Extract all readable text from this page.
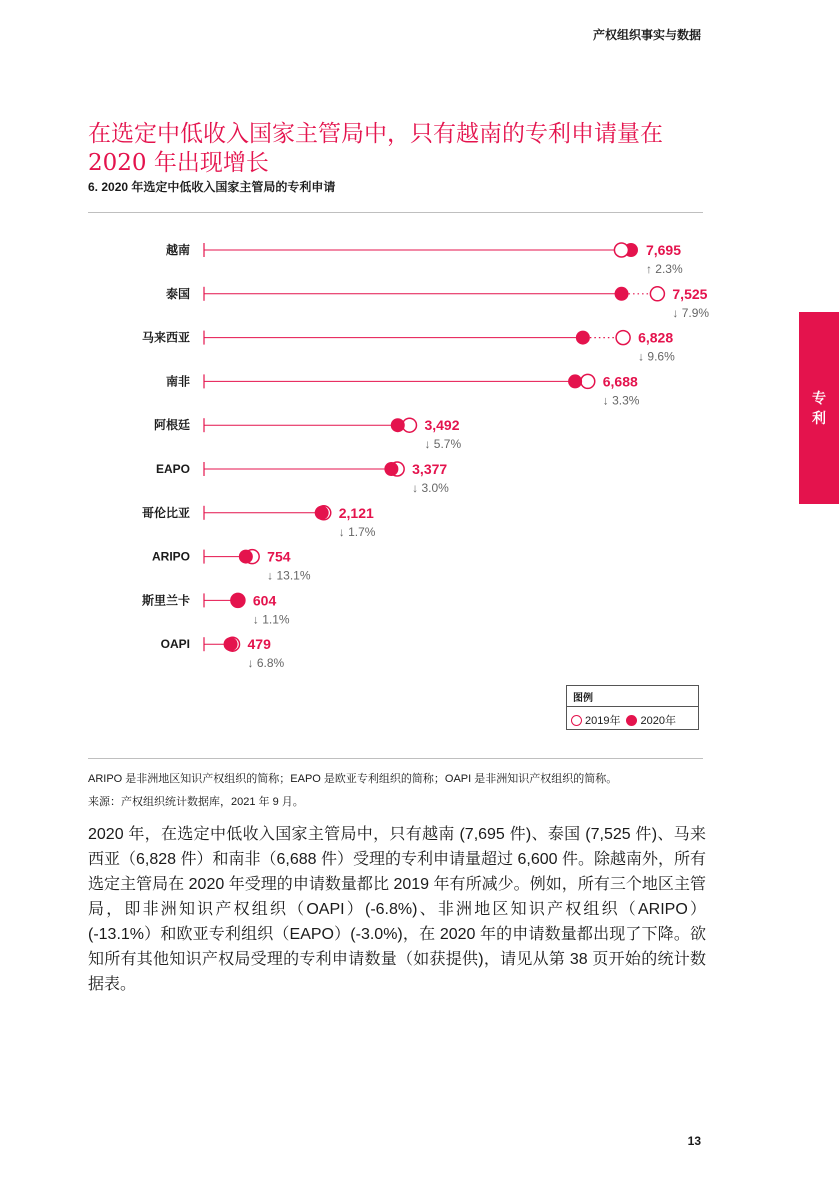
产权组织事实与数据
专
利
在选定中低收入国家主管局中，只有越南的专利申请量在 2020 年出现增长
6. 2020 年选定中低收入国家主管局的专利申请
越南	7,695
↑ 2.3%
泰国	7,525
↓ 7.9%
马来西亚	6,828
↓ 9.6%
南非	6,688
↓ 3.3%
阿根廷	3,492
↓ 5.7%
EAPO	3,377
↓ 3.0%
哥伦比亚	2,121
↓ 1.7%
ARIPO	754
↓ 13.1%
斯里兰卡	604
↓ 1.1%
OAPI	479
↓ 6.8%
图例
2019年 2020年
ARIPO 是非洲地区知识产权组织的简称；EAPO 是欧亚专利组织的简称；OAPI 是非洲知识产权组织的简称。
来源：产权组织统计数据库，2021 年 9 月。
2020 年，在选定中低收入国家主管局中，只有越南 (7,695 件)、泰国 (7,525 件)、马来西亚（6,828 件）和南非（6,688 件）受理的专利申请量超过 6,600 件。除越南外，所有选定主管局在 2020 年受理的申请数量都比 2019 年有所减少。例如，所有三个地区主管局，即非洲知识产权组织（OAPI）(-6.8%)、非洲地区知识产权组织（ARIPO）(-13.1%）和欧亚专利组织（EAPO）(-3.0%)，在 2020 年的申请数量都出现了下降。欲知所有其他知识产权局受理的专利申请数量（如获提供)，请见从第 38 页开始的统计数据表。
13
